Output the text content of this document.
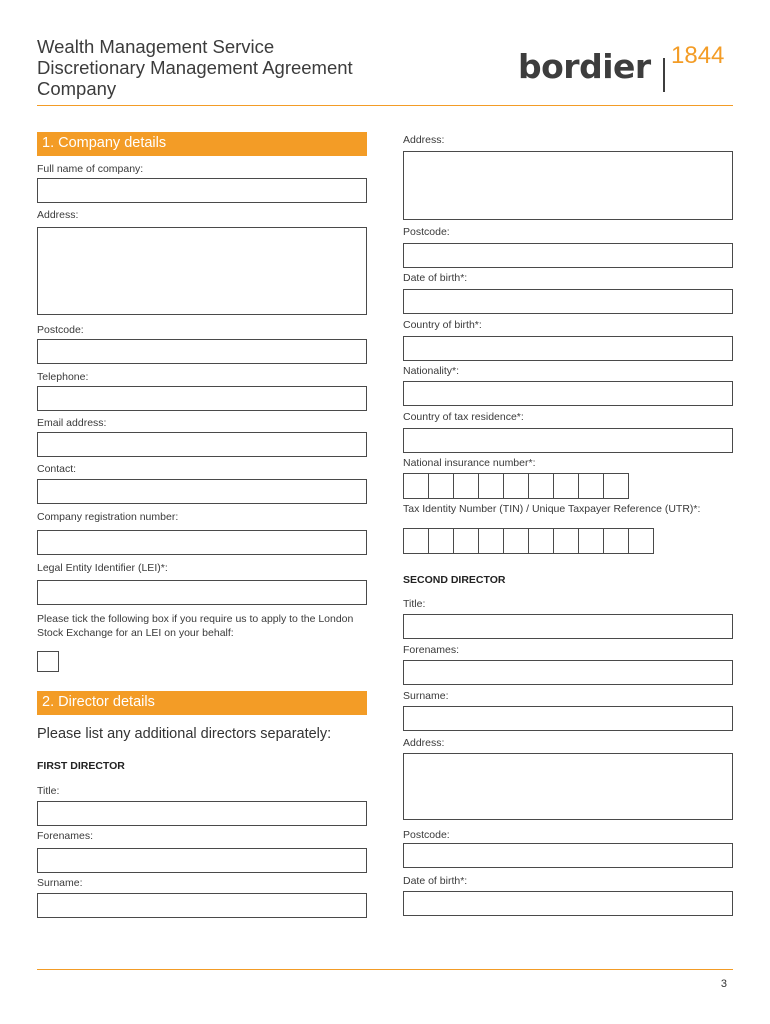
Wealth Management Service
Discretionary Management Agreement
Company
bordier 1844
1. Company details
Full name of company:
Address:
Postcode:
Telephone:
Email address:
Contact:
Company registration number:
Legal Entity Identifier (LEI)*:
Please tick the following box if you require us to apply to the London Stock Exchange for an LEI on your behalf:
2. Director details
Please list any additional directors separately:
FIRST DIRECTOR
Title:
Forenames:
Surname:
Address:
Postcode:
Date of birth*:
Country of birth*:
Nationality*:
Country of tax residence*:
National insurance number*:
Tax Identity Number (TIN) / Unique Taxpayer Reference (UTR)*:
SECOND DIRECTOR
Title:
Forenames:
Surname:
Address:
Postcode:
Date of birth*:
3
